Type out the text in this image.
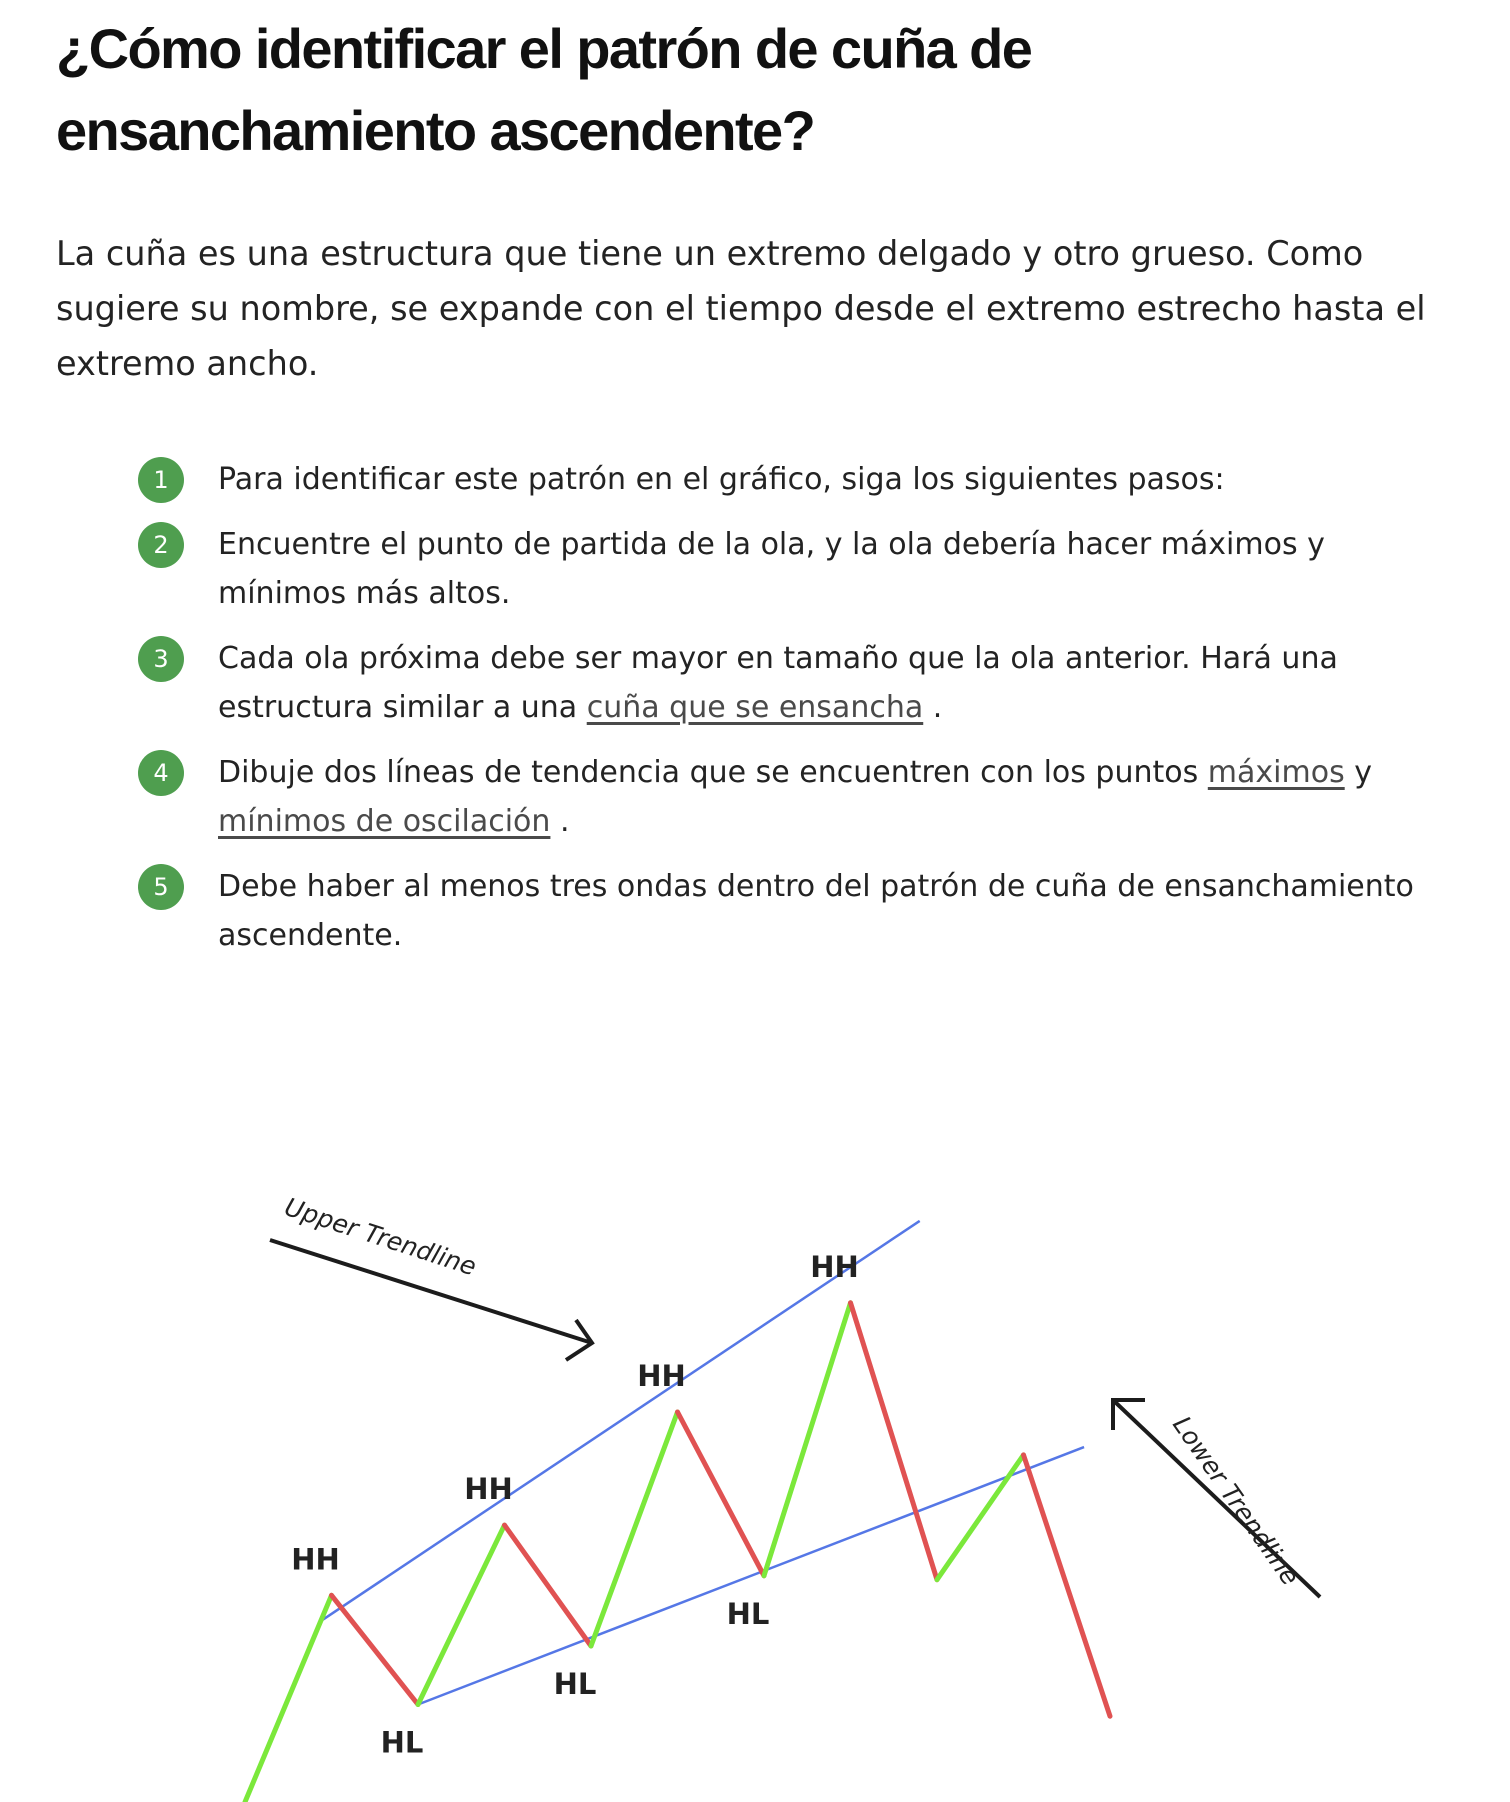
¿Cómo identificar el patrón de cuña de ensanchamiento ascendente?

La cuña es una estructura que tiene un extremo delgado y otro grueso. Como sugiere su nombre, se expande con el tiempo desde el extremo estrecho hasta el extremo ancho.

1	Para identificar este patrón en el gráfico, siga los siguientes pasos:
2	Encuentre el punto de partida de la ola, y la ola debería hacer máximos y mínimos más altos.
3	Cada ola próxima debe ser mayor en tamaño que la ola anterior. Hará una estructura similar a una cuña que se ensancha .
4	Dibuje dos líneas de tendencia que se encuentren con los puntos máximos y mínimos de oscilación .
5	Debe haber al menos tres ondas dentro del patrón de cuña de ensanchamiento ascendente.
HH
HL
HH
HL
HH
HL
HH
Upper Trendline
Lower Trendline
